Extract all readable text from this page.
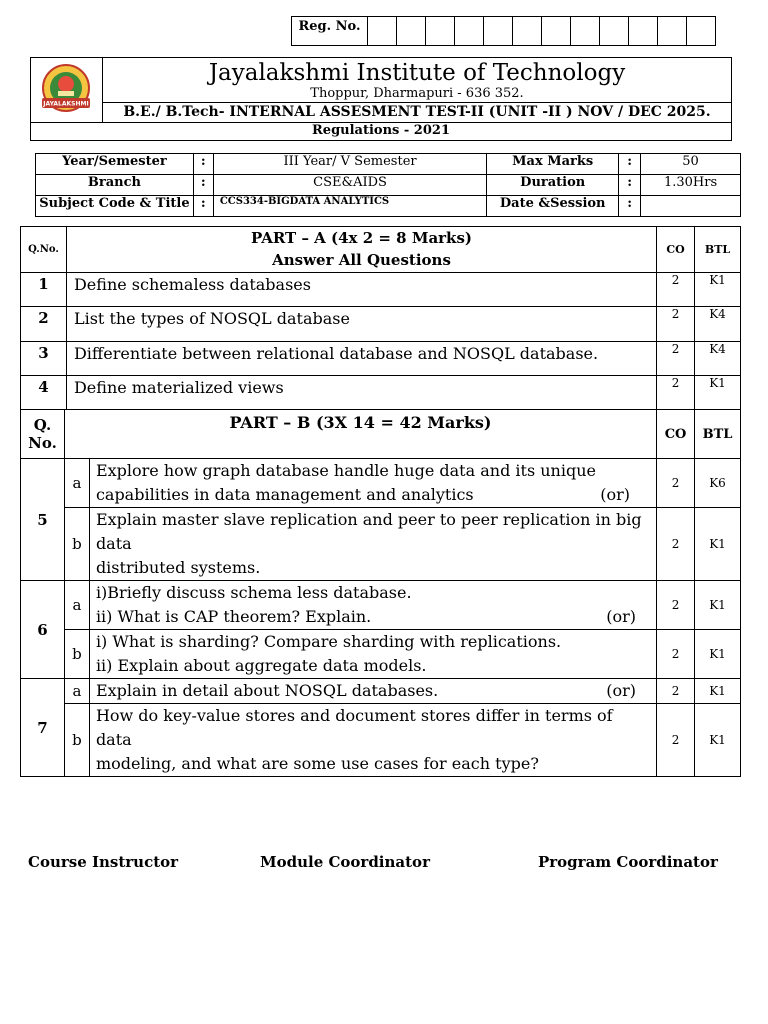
Reg. No.												
JAYALAKSHMI
Jayalakshmi Institute of Technology
Thoppur, Dharmapuri - 636 352.
B.E./ B.Tech- INTERNAL ASSESMENT TEST-II (UNIT -II ) NOV / DEC 2025.
Regulations - 2021
Year/Semester	:	III Year/ V Semester	Max Marks	:	50
Branch	:	CSE&AIDS	Duration	:	1.30Hrs
Subject Code & Title	:	CCS334-BIGDATA ANALYTICS	Date &Session	:	
Q.No.	PART – A (4x 2 = 8 Marks)
Answer All Questions	CO	BTL
1	Define schemaless databases	2	K1
2	List the types of NOSQL database	2	K4
3	Differentiate between relational database and NOSQL database.	2	K4
4	Define materialized views	2	K1
Q.
No.	PART – B (3X 14 = 42 Marks)		CO	BTL
5	a	Explore how graph database handle huge data and its unique
capabilities in data management and analytics (or)	2	K6
	b	Explain master slave replication and peer to peer replication in big data
distributed systems.	2	K1
6	a	i)Briefly discuss schema less database.
ii) What is CAP theorem? Explain. (or)	2	K1
	b	i) What is sharding? Compare sharding with replications.
ii) Explain about aggregate data models.	2	K1
7	a	Explain in detail about NOSQL databases. (or)	2	K1
	b	How do key-value stores and document stores differ in terms of data
modeling, and what are some use cases for each type?	2	K1
Course Instructor	Module Coordinator	Program Coordinator
